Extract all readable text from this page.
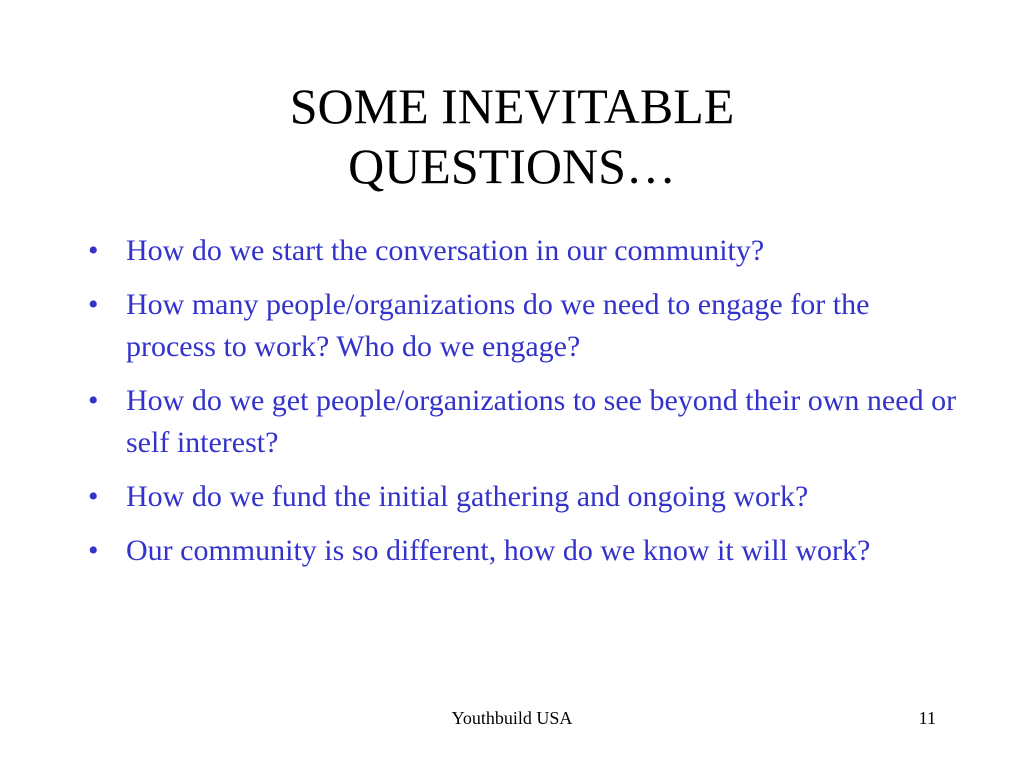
SOME INEVITABLE
QUESTIONS…
• How do we start the conversation in our community?
• How many people/organizations do we need to engage for the process to work? Who do we engage?
• How do we get people/organizations to see beyond their own need or self interest?
• How do we fund the initial gathering and ongoing work?
• Our community is so different, how do we know it will work?
Youthbuild USA	11
